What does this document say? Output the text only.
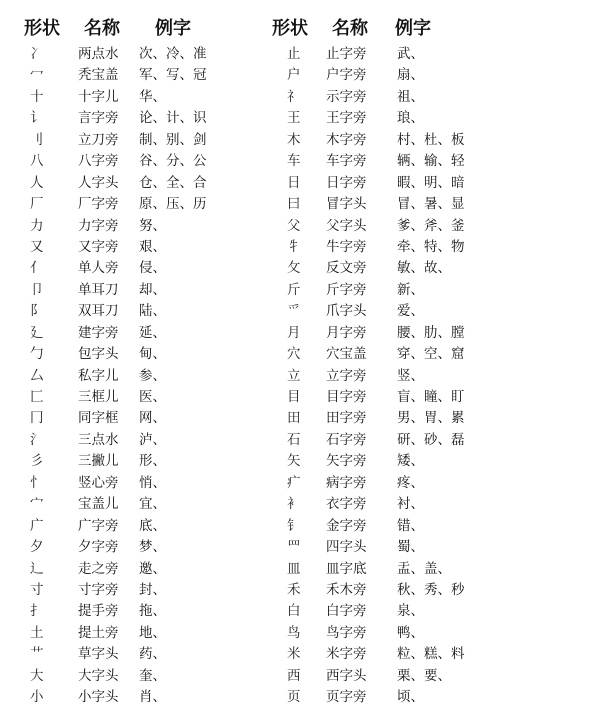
形状 名称 例字	形状 名称 例字
冫	两点水 次、冷、准	止 止字旁 武、
冖	秃宝盖 军、写、冠	户 户字旁 扇、
十	十字儿 华、	礻 示字旁 祖、
讠	言字旁 论、计、识	王 王字旁 琅、
刂	立刀旁 制、别、剑	木 木字旁 村、杜、板
八	八字旁 谷、分、公	车 车字旁 辆、输、轻
人	人字头 仓、全、合	日 日字旁 暇、明、暗
厂	厂字旁 原、压、历	曰 冒字头 冒、暑、显
力	力字旁 努、	父 父字头 爹、斧、釜
又	又字旁 艰、	牜 牛字旁 牵、特、物
亻	单人旁 侵、	攵 反文旁 敏、故、
卩	单耳刀 却、	斤 斤字旁 新、
阝	双耳刀 陆、	爫 爪字头 爱、
廴	建字旁 延、	月 月字旁 腰、肋、膛
勹	包字头 甸、	穴 穴宝盖 穿、空、窟
厶	私字儿 参、	立 立字旁 竖、
匚	三框儿 医、	目 目字旁 盲、瞳、盯
冂	同字框 网、	田 田字旁 男、胃、累
氵	三点水 泸、	石 石字旁 研、砂、磊
彡	三撇儿 形、	矢 矢字旁 矮、
忄	竖心旁 悄、	疒 病字旁 疼、
宀	宝盖儿 宜、	衤 衣字旁 衬、
广	广字旁 底、	钅 金字旁 错、
夕	夕字旁 梦、	罒 四字头 蜀、
辶	走之旁 邀、	皿 皿字底 盂、盖、
寸	寸字旁 封、	禾 禾木旁 秋、秀、秒
扌	提手旁 拖、	白 白字旁 泉、
土	提土旁 地、	鸟 鸟字旁 鸭、
艹	草字头 药、	米 米字旁 粒、糕、料
大	大字头 奎、	西 西字头 栗、要、
小	小字头 肖、	页 页字旁 顷、
